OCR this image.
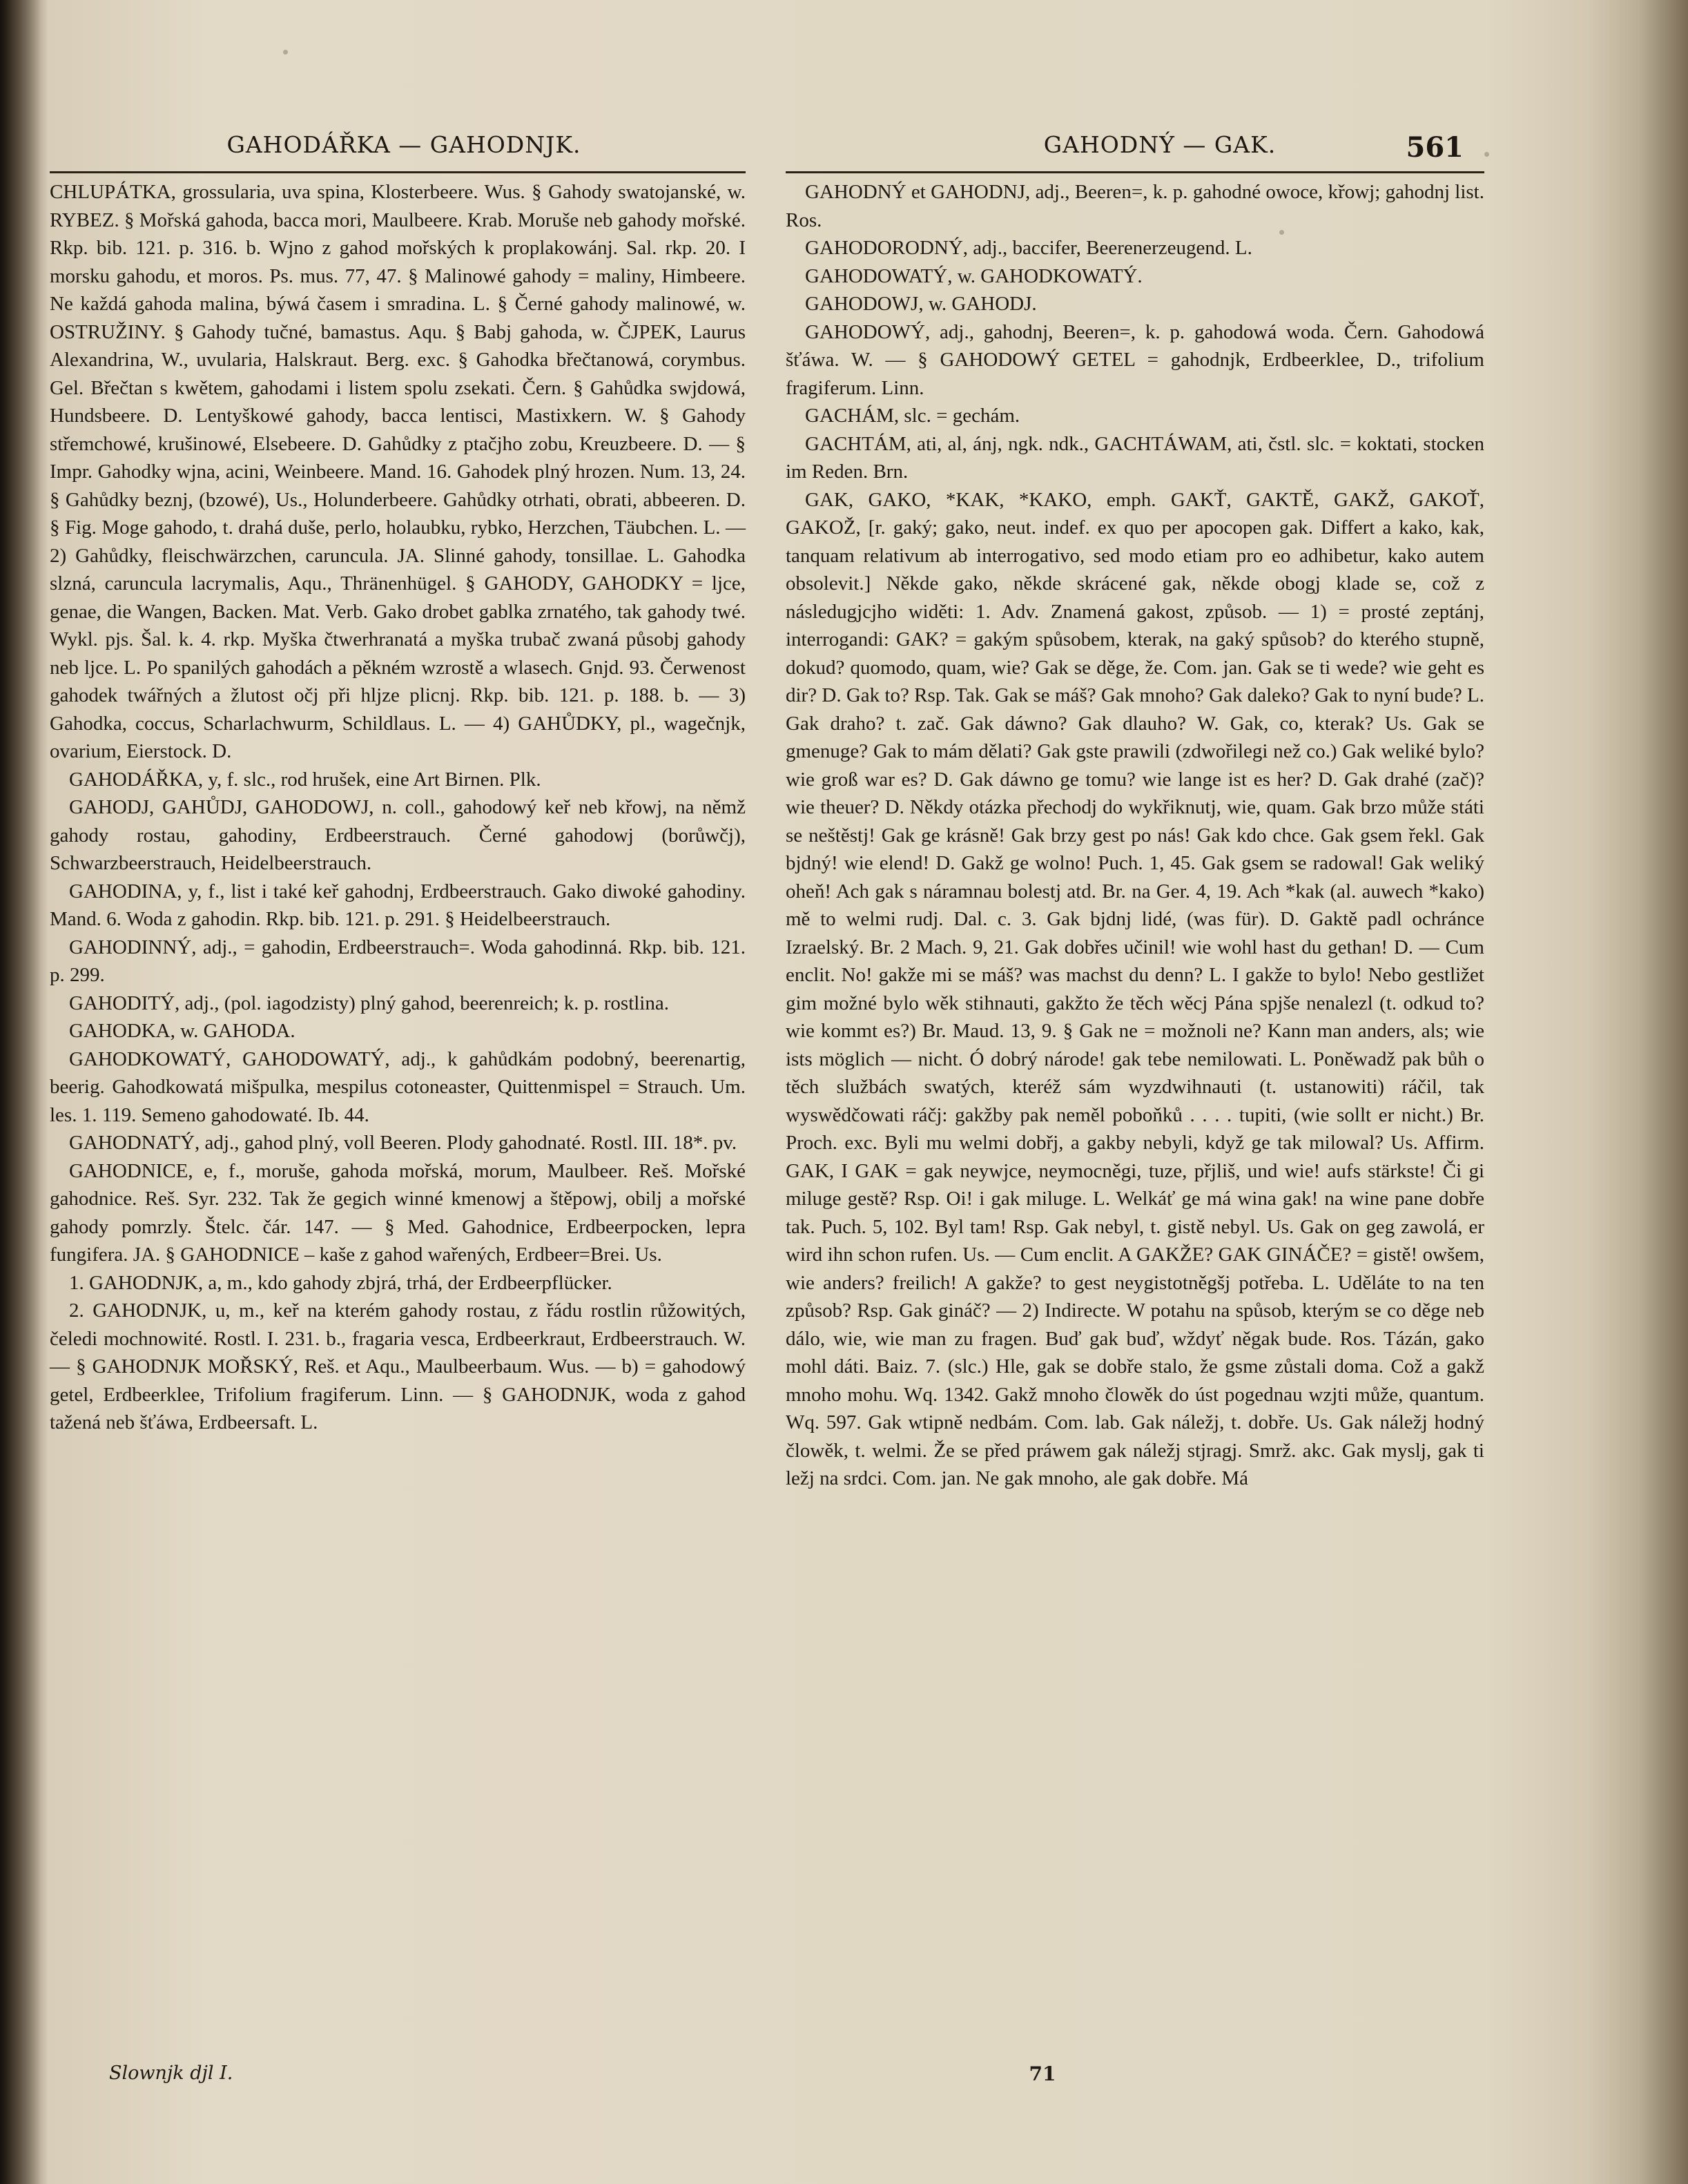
GAHODÁŘKA — GAHODNJK.	GAHODNÝ — GAK.	561

CHLUPÁTKA, grossularia, uva spina, Klosterbeere. Wus. § Gahody swatojanské, w. RYBEZ. § Mořská gahoda, bacca mori, Maulbeere. Krab. Moruše neb gahody mořské. Rkp. bib. 121. p. 316. b. Wjno z gahod mořských k proplakowánj. Sal. rkp. 20. I morsku gahodu, et moros. Ps. mus. 77, 47. § Malinowé gahody = maliny, Himbeere. Ne každá gahoda malina, býwá časem i smradina. L. § Černé gahody malinowé, w. OSTRUŽINY. § Gahody tučné, bamastus. Aqu. § Babj gahoda, w. ČJPEK, Laurus Alexandrina, W., uvularia, Halskraut. Berg. exc. § Gahodka břečtanowá, corymbus. Gel. Břečtan s kwětem, gahodami i listem spolu zsekati. Čern. § Gahůdka swjdowá, Hundsbeere. D. Lentyškowé gahody, bacca lentisci, Mastixkern. W. § Gahody střemchowé, krušinowé, Elsebeere. D. Gahůdky z ptačjho zobu, Kreuzbeere. D. — § Impr. Gahodky wjna, acini, Weinbeere. Mand. 16. Gahodek plný hrozen. Num. 13, 24. § Gahůdky beznj, (bzowé), Us., Holunderbeere. Gahůdky otrhati, obrati, abbeeren. D. § Fig. Moge gahodo, t. drahá duše, perlo, holaubku, rybko, Herzchen, Täubchen. L. — 2) Gahůdky, fleischwärzchen, caruncula. JA. Slinné gahody, tonsillae. L. Gahodka slzná, caruncula lacrymalis, Aqu., Thränenhügel. § GAHODY, GAHODKY = ljce, genae, die Wangen, Backen. Mat. Verb. Gako drobet gablka zrnatého, tak gahody twé. Wykl. pjs. Šal. k. 4. rkp. Myška čtwerhranatá a myška trubač zwaná působj gahody neb ljce. L. Po spanilých gahodách a pěkném wzrostě a wlasech. Gnjd. 93. Čerwenost gahodek twářných a žlutost očj při hljze plicnj. Rkp. bib. 121. p. 188. b. — 3) Gahodka, coccus, Scharlachwurm, Schildlaus. L. — 4) GAHŮDKY, pl., wagečnjk, ovarium, Eierstock. D.

GAHODÁŘKA, y, f. slc., rod hrušek, eine Art Birnen. Plk.

GAHODJ, GAHŮDJ, GAHODOWJ, n. coll., gahodowý keř neb křowj, na němž gahody rostau, gahodiny, Erdbeerstrauch. Černé gahodowj (borůwčj), Schwarzbeerstrauch, Heidelbeerstrauch.

GAHODINA, y, f., list i také keř gahodnj, Erdbeerstrauch. Gako diwoké gahodiny. Mand. 6. Woda z gahodin. Rkp. bib. 121. p. 291. § Heidelbeerstrauch.

GAHODINNÝ, adj., = gahodin, Erdbeerstrauch=. Woda gahodinná. Rkp. bib. 121. p. 299.

GAHODITÝ, adj., (pol. iagodzisty) plný gahod, beerenreich; k. p. rostlina.

GAHODKA, w. GAHODA.

GAHODKOWATÝ, GAHODOWATÝ, adj., k gahůdkám podobný, beerenartig, beerig. Gahodkowatá mišpulka, mespilus cotoneaster, Quittenmispel = Strauch. Um. les. 1. 119. Semeno gahodowaté. Ib. 44.

GAHODNATÝ, adj., gahod plný, voll Beeren. Plody gahodnaté. Rostl. III. 18*. pv.

GAHODNICE, e, f., moruše, gahoda mořská, morum, Maulbeer. Reš. Mořské gahodnice. Reš. Syr. 232. Tak že gegich winné kmenowj a štěpowj, obilj a mořské gahody pomrzly. Štelc. čár. 147. — § Med. Gahodnice, Erdbeerpocken, lepra fungifera. JA. § GAHODNICE – kaše z gahod wařených, Erdbeer=Brei. Us.

1. GAHODNJK, a, m., kdo gahody zbjrá, trhá, der Erdbeerpflücker.

2. GAHODNJK, u, m., keř na kterém gahody rostau, z řádu rostlin růžowitých, čeledi mochnowité. Rostl. I. 231. b., fragaria vesca, Erdbeerkraut, Erdbeerstrauch. W. — § GAHODNJK MOŘSKÝ, Reš. et Aqu., Maulbeerbaum. Wus. — b) = gahodowý getel, Erdbeerklee, Trifolium fragiferum. Linn. — § GAHODNJK, woda z gahod tažená neb šťáwa, Erdbeersaft. L.

GAHODNÝ et GAHODNJ, adj., Beeren=, k. p. gahodné owoce, křowj; gahodnj list. Ros.

GAHODORODNÝ, adj., baccifer, Beerenerzeugend. L.

GAHODOWATÝ, w. GAHODKOWATÝ.

GAHODOWJ, w. GAHODJ.

GAHODOWÝ, adj., gahodnj, Beeren=, k. p. gahodowá woda. Čern. Gahodowá šťáwa. W. — § GAHODOWÝ GETEL = gahodnjk, Erdbeerklee, D., trifolium fragiferum. Linn.

GACHÁM, slc. = gechám.

GACHTÁM, ati, al, ánj, ngk. ndk., GACHTÁWAM, ati, čstl. slc. = koktati, stocken im Reden. Brn.

GAK, GAKO, *KAK, *KAKO, emph. GAKŤ, GAKTĚ, GAKŽ, GAKOŤ, GAKOŽ, [r. gaký; gako, neut. indef. ex quo per apocopen gak. Differt a kako, kak, tanquam relativum ab interrogativo, sed modo etiam pro eo adhibetur, kako autem obsolevit.] Někde gako, někde skrácené gak, někde obogj klade se, což z následugjcjho widěti: 1. Adv. Znamená gakost, způsob. — 1) = prosté zeptánj, interrogandi: GAK? = gakým spůsobem, kterak, na gaký spůsob? do kterého stupně, dokud? quomodo, quam, wie? Gak se děge, že. Com. jan. Gak se ti wede? wie geht es dir? D. Gak to? Rsp. Tak. Gak se máš? Gak mnoho? Gak daleko? Gak to nyní bude? L. Gak draho? t. zač. Gak dáwno? Gak dlauho? W. Gak, co, kterak? Us. Gak se gmenuge? Gak to mám dělati? Gak gste prawili (zdwořilegi než co.) Gak weliké bylo? wie groß war es? D. Gak dáwno ge tomu? wie lange ist es her? D. Gak drahé (zač)? wie theuer? D. Někdy otázka přechodj do wykřiknutj, wie, quam. Gak brzo může státi se neštěstj! Gak ge krásně! Gak brzy gest po nás! Gak kdo chce. Gak gsem řekl. Gak bjdný! wie elend! D. Gakž ge wolno! Puch. 1, 45. Gak gsem se radowal! Gak weliký oheň! Ach gak s náramnau bolestj atd. Br. na Ger. 4, 19. Ach *kak (al. auwech *kako) mě to welmi rudj. Dal. c. 3. Gak bjdnj lidé, (was für). D. Gaktě padl ochránce Izraelský. Br. 2 Mach. 9, 21. Gak dobřes učinil! wie wohl hast du gethan! D. — Cum enclit. No! gakže mi se máš? was machst du denn? L. I gakže to bylo! Nebo gestližet gim možné bylo wěk stihnauti, gakžto že těch wěcj Pána spjše nenalezl (t. odkud to? wie kommt es?) Br. Maud. 13, 9. § Gak ne = možnoli ne? Kann man anders, als; wie ists möglich — nicht. Ó dobrý národe! gak tebe nemilowati. L. Poněwadž pak bůh o těch službách swatých, kteréž sám wyzdwihnauti (t. ustanowiti) ráčil, tak wyswědčowati ráčj: gakžby pak neměl poboňků . . . . tupiti, (wie sollt er nicht.) Br. Proch. exc. Byli mu welmi dobřj, a gakby nebyli, když ge tak milowal? Us. Affirm. GAK, I GAK = gak neywjce, neymocněgi, tuze, přjliš, und wie! aufs stärkste! Či gi miluge gestě? Rsp. Oi! i gak miluge. L. Welkáť ge má wina gak! na wine pane dobře tak. Puch. 5, 102. Byl tam! Rsp. Gak nebyl, t. gistě nebyl. Us. Gak on geg zawolá, er wird ihn schon rufen. Us. — Cum enclit. A GAKŽE? GAK GINÁČE? = gistě! owšem, wie anders? freilich! A gakže? to gest neygistotněgšj potřeba. L. Uděláte to na ten způsob? Rsp. Gak gináč? — 2) Indirecte. W potahu na spůsob, kterým se co děge neb dálo, wie, wie man zu fragen. Buď gak buď, wždyť něgak bude. Ros. Tázán, gako mohl dáti. Baiz. 7. (slc.) Hle, gak se dobře stalo, že gsme zůstali doma. Což a gakž mnoho mohu. Wq. 1342. Gakž mnoho člowěk do úst pogednau wzjti může, quantum. Wq. 597. Gak wtipně nedbám. Com. lab. Gak náležj, t. dobře. Us. Gak náležj hodný člowěk, t. welmi. Že se před práwem gak náležj stjragj. Smrž. akc. Gak myslj, gak ti ležj na srdci. Com. jan. Ne gak mnoho, ale gak dobře. Má

Slownjk djl I.	71
